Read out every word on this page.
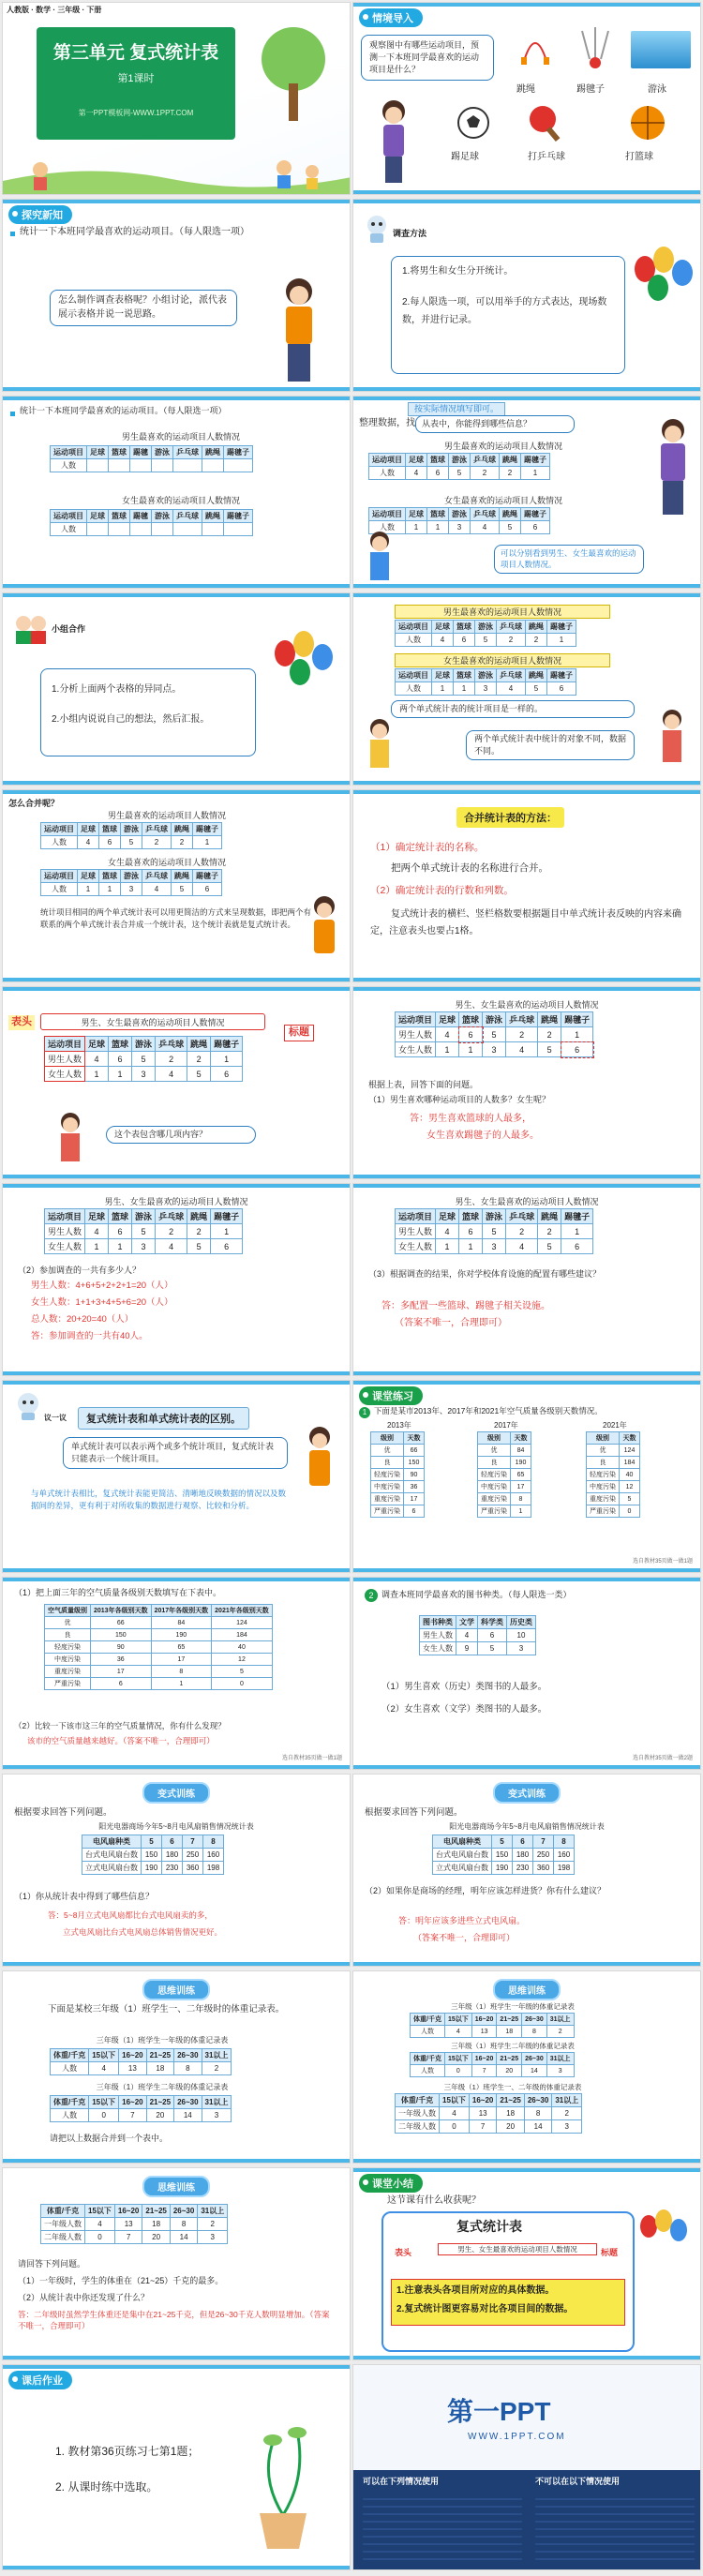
人教版 · 数学 · 三年级 · 下册
第三单元 复式统计表
第1课时
第一PPT模板网-WWW.1PPT.COM
情境导入
观察图中有哪些运动项目，预测一下本班同学最喜欢的运动项目是什么？
跳绳	踢毽子	游泳
踢足球	打乒乓球	打篮球
探究新知
统计一下本班同学最喜欢的运动项目。（每人限选一项）
怎么制作调查表格呢？小组讨论，派代表展示表格并说一说思路。
调查方法
1.将男生和女生分开统计。
2.每人限选一项，可以用举手的方式表达，现场数数，并进行记录。
统计一下本班同学最喜欢的运动项目。（每人限选一项）
男生最喜欢的运动项目人数情况
运动项目	足球	篮球	踢毽	游泳	乒乓球	跳绳	踢毽子
人数							
女生最喜欢的运动项目人数情况
运动项目	足球	篮球	踢毽	游泳	乒乓球	跳绳	踢毽子
人数							
按实际情况填写即可。
整理数据，找 从表中，你能得到哪些信息？
男生最喜欢的运动项目人数情况
运动项目	足球	篮球	游泳	乒乓球	跳绳	踢毽子
人数	4	6	5	2	2	1
女生最喜欢的运动项目人数情况
运动项目	足球	篮球	游泳	乒乓球	跳绳	踢毽子
人数	1	1	3	4	5	6
可以分别看到男生、女生最喜欢的运动项目人数情况。
小组合作
1.分析上面两个表格的异同点。
2.小组内说说自己的想法，然后汇报。
男生最喜欢的运动项目人数情况
运动项目	足球	篮球	游泳	乒乓球	跳绳	踢毽子
人数	4	6	5	2	2	1
女生最喜欢的运动项目人数情况
运动项目	足球	篮球	游泳	乒乓球	跳绳	踢毽子
人数	1	1	3	4	5	6
两个单式统计表的统计项目是一样的。
两个单式统计表中统计的对象不同，数据不同。
怎么合并呢？
男生最喜欢的运动项目人数情况
运动项目	足球	篮球	游泳	乒乓球	跳绳	踢毽子
人数	4	6	5	2	2	1
女生最喜欢的运动项目人数情况
运动项目	足球	篮球	游泳	乒乓球	跳绳	踢毽子
人数	1	1	3	4	5	6
统计项目相同的两个单式统计表可以用更简洁的方式来呈现数据，即把两个有联系的两个单式统计表合并成一个统计表，这个统计表就是复式统计表。
合并统计表的方法：
（1）确定统计表的名称。
把两个单式统计表的名称进行合并。
（2）确定统计表的行数和列数。
复式统计表的横栏、竖栏格数要根据题目中单式统计表反映的内容来确定，注意表头也要占1格。
男生、女生最喜欢的运动项目人数情况
表头
标题
运动项目	足球	篮球	游泳	乒乓球	跳绳	踢毽子
男生人数	4	6	5	2	2	1
女生人数	1	1	3	4	5	6
这个表包含哪几项内容？
男生、女生最喜欢的运动项目人数情况
运动项目	足球	篮球	游泳	乒乓球	跳绳	踢毽子
男生人数	4	6	5	2	2	1
女生人数	1	1	3	4	5	6
根据上表，回答下面的问题。
（1）男生喜欢哪种运动项目的人数多？女生呢？
答：男生喜欢篮球的人最多，
女生喜欢踢毽子的人最多。
男生、女生最喜欢的运动项目人数情况
运动项目	足球	篮球	游泳	乒乓球	跳绳	踢毽子
男生人数	4	6	5	2	2	1
女生人数	1	1	3	4	5	6
（2）参加调查的一共有多少人？
男生人数：4+6+5+2+2+1=20（人）
女生人数：1+1+3+4+5+6=20（人）
总人数：20+20=40（人）
答：参加调查的一共有40人。
男生、女生最喜欢的运动项目人数情况
运动项目	足球	篮球	游泳	乒乓球	跳绳	踢毽子
男生人数	4	6	5	2	2	1
女生人数	1	1	3	4	5	6
（3）根据调查的结果，你对学校体育设施的配置有哪些建议？
答：多配置一些篮球、踢毽子相关设施。
（答案不唯一，合理即可）
议一议	复式统计表和单式统计表的区别。
单式统计表可以表示两个或多个统计项目，复式统计表只能表示一个统计项目。
与单式统计表相比，复式统计表能更简洁、清晰地反映数据的情况以及数据间的差异，更有利于对所收集的数据进行观察、比较和分析。
课堂练习
1 下面是某市2013年、2017年和2021年空气质量各级别天数情况。
2013年	2017年	2021年
级别	天数
优	66
良	150
轻度污染	90
中度污染	36
重度污染	17
严重污染	6
级别	天数
优	84
良	190
轻度污染	65
中度污染	17
重度污染	8
严重污染	1
级别	天数
优	124
良	184
轻度污染	40
中度污染	12
重度污染	5
严重污染	0
选自教材35页做一做1题
（1）把上面三年的空气质量各级别天数填写在下表中。
空气质量级别	2013年各级别天数	2017年各级别天数	2021年各级别天数
优	66	84	124
良	150	190	184
轻度污染	90	65	40
中度污染	36	17	12
重度污染	17	8	5
严重污染	6	1	0
（2）比较一下该市这三年的空气质量情况，你有什么发现？
该市的空气质量越来越好。（答案不唯一，合理即可）
选自教材35页做一做1题
2 调查本班同学最喜欢的图书种类。（每人限选一类）
图书种类	文学	科学类	历史类
男生人数	4	6	10
女生人数	9	5	3
（1）男生喜欢（历史）类图书的人最多。
（2）女生喜欢（文学）类图书的人最多。
选自教材35页做一做2题
变式训练
根据要求回答下列问题。
阳光电器商场今年5~8月电风扇销售情况统计表
电风扇种类	5	6	7	8
台式电风扇台数	150	180	250	160
立式电风扇台数	190	230	360	198
（1）你从统计表中得到了哪些信息？
答：5~8月立式电风扇都比台式电风扇卖的多，
立式电风扇比台式电风扇总体销售情况更好。
变式训练
根据要求回答下列问题。
阳光电器商场今年5~8月电风扇销售情况统计表
电风扇种类	5	6	7	8
台式电风扇台数	150	180	250	160
立式电风扇台数	190	230	360	198
（2）如果你是商场的经理，明年应该怎样进货？你有什么建议？
答：明年应该多进些立式电风扇。
（答案不唯一，合理即可）
思维训练
下面是某校三年级（1）班学生一、二年级时的体重记录表。
三年级（1）班学生一年级的体重记录表
体重/千克	15以下	16~20	21~25	26~30	31以上
人数	4	13	18	8	2
三年级（1）班学生二年级的体重记录表
体重/千克	15以下	16~20	21~25	26~30	31以上
人数	0	7	20	14	3
请把以上数据合并到一个表中。
思维训练
三年级（1）班学生一年级的体重记录表
体重/千克	15以下	16~20	21~25	26~30	31以上
人数	4	13	18	8	2
三年级（1）班学生二年级的体重记录表
体重/千克	15以下	16~20	21~25	26~30	31以上
人数	0	7	20	14	3
三年级（1）班学生一、二年级的体重记录表
体重/千克	15以下	16~20	21~25	26~30	31以上
一年级人数	4	13	18	8	2
二年级人数	0	7	20	14	3
思维训练
体重/千克	15以下	16~20	21~25	26~30	31以上
一年级人数	4	13	18	8	2
二年级人数	0	7	20	14	3
请回答下列问题。
（1）一年级时，学生的体重在（21~25）千克的最多。
（2）从统计表中你还发现了什么？
答：二年级时虽然学生体重还是集中在21~25千克，但是26~30千克人数明显增加。（答案不唯一，合理即可）
课堂小结
这节课有什么收获呢？
复式统计表
男生、女生最喜欢的运动项目人数情况
表头	标题
1.注意表头各项目所对应的具体数据。
2.复式统计图更容易对比各项目间的数据。
课后作业
1. 教材第36页练习七第1题；
2. 从课时练中选取。
第一PPT
WWW.1PPT.COM
可以在下列情况使用	不可以在以下情况使用
